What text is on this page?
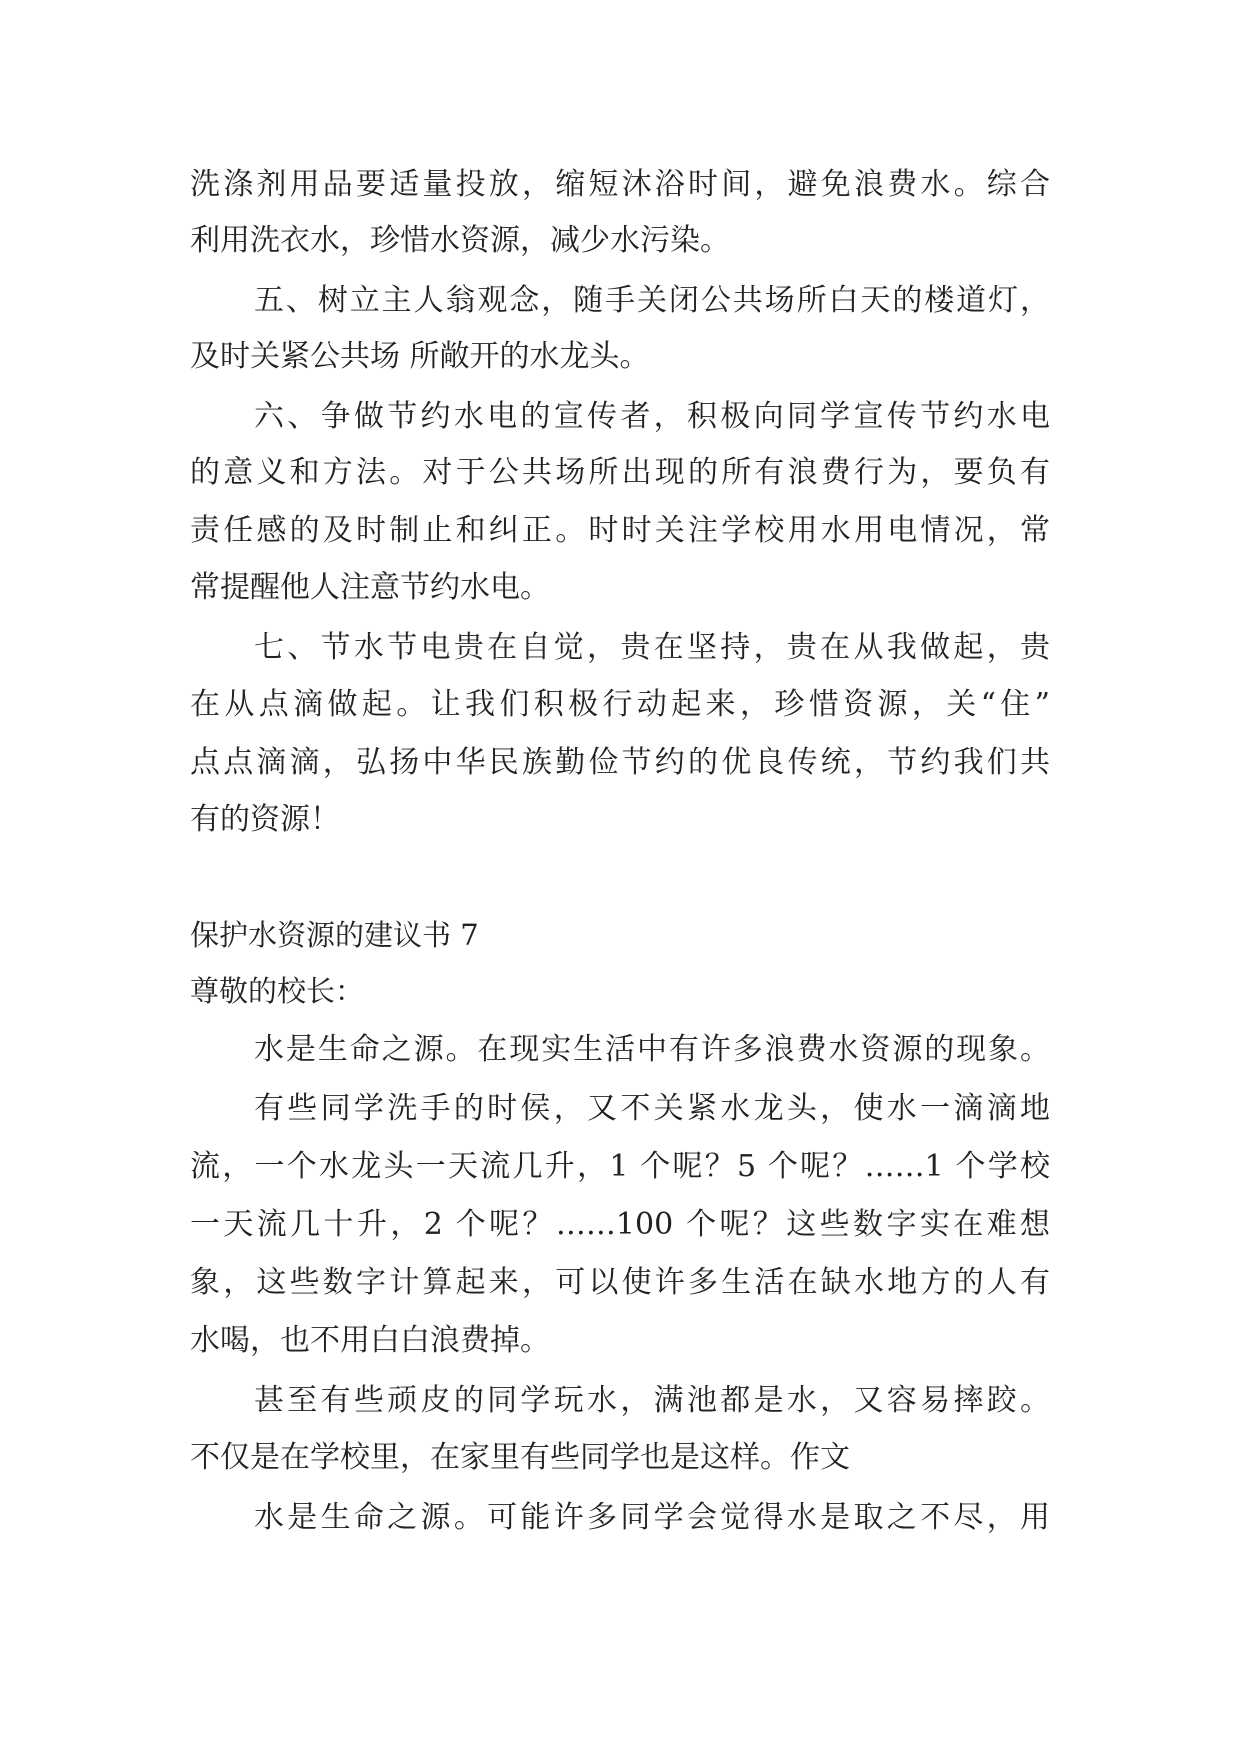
洗涤剂用品要适量投放，缩短沐浴时间，避免浪费水。综合
利用洗衣水，珍惜水资源，减少水污染。
五、树立主人翁观念，随手关闭公共场所白天的楼道灯，
及时关紧公共场 所敞开的水龙头。
六、争做节约水电的宣传者，积极向同学宣传节约水电
的意义和方法。对于公共场所出现的所有浪费行为，要负有
责任感的及时制止和纠正。时时关注学校用水用电情况，常
常提醒他人注意节约水电。
七、节水节电贵在自觉，贵在坚持，贵在从我做起，贵
在从点滴做起。让我们积极行动起来，珍惜资源，关“住”
点点滴滴，弘扬中华民族勤俭节约的优良传统，节约我们共
有的资源！
保护水资源的建议书 7
尊敬的校长：
水是生命之源。在现实生活中有许多浪费水资源的现象。
有些同学洗手的时侯，又不关紧水龙头，使水一滴滴地
流，一个水龙头一天流几升，1 个呢？5 个呢？……1 个学校
一天流几十升，2 个呢？……100 个呢？这些数字实在难想
象，这些数字计算起来，可以使许多生活在缺水地方的人有
水喝，也不用白白浪费掉。
甚至有些顽皮的同学玩水，满池都是水，又容易摔跤。
不仅是在学校里，在家里有些同学也是这样。作文
水是生命之源。可能许多同学会觉得水是取之不尽，用
